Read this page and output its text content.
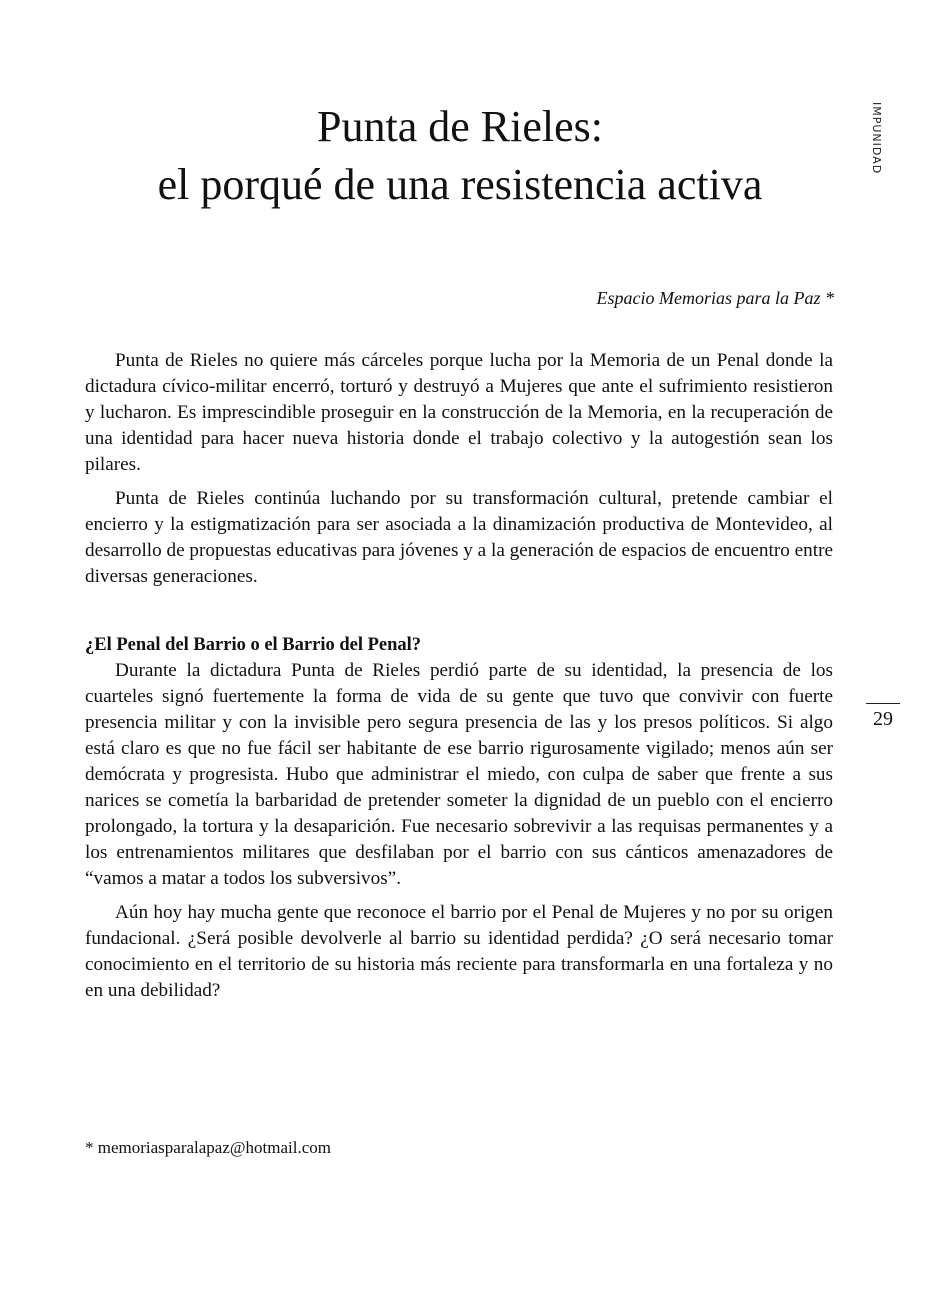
Punta de Rieles:
el porqué de una resistencia activa
IMPUNIDAD
29
Espacio Memorias para la Paz *

Punta de Rieles no quiere más cárceles porque lucha por la Memoria de un Penal donde la dictadura cívico-militar encerró, torturó y destruyó a Mujeres que ante el sufrimiento resistieron y lucharon. Es imprescindible proseguir en la construcción de la Memoria, en la recuperación de una identidad para hacer nueva historia donde el trabajo colectivo y la autogestión sean los pilares.

Punta de Rieles continúa luchando por su transformación cultural, pretende cambiar el encierro y la estigmatización para ser asociada a la dinamización productiva de Montevideo, al desarrollo de propuestas educativas para jóvenes y a la generación de espacios de encuentro entre diversas generaciones.

¿El Penal del Barrio o el Barrio del Penal?

Durante la dictadura Punta de Rieles perdió parte de su identidad, la presencia de los cuarteles signó fuertemente la forma de vida de su gente que tuvo que convivir con fuerte presencia militar y con la invisible pero segura presencia de las y los presos políticos. Si algo está claro es que no fue fácil ser habitante de ese barrio rigurosamente vigilado; menos aún ser demócrata y progresista. Hubo que administrar el miedo, con culpa de saber que frente a sus narices se cometía la barbaridad de pretender someter la dignidad de un pueblo con el encierro prolongado, la tortura y la desaparición. Fue necesario sobrevivir a las requisas permanentes y a los entrenamientos militares que desfilaban por el barrio con sus cánticos amenazadores de “vamos a matar a todos los subversivos”.

Aún hoy hay mucha gente que reconoce el barrio por el Penal de Mujeres y no por su origen fundacional. ¿Será posible devolverle al barrio su identidad perdida? ¿O será necesario tomar conocimiento en el territorio de su historia más reciente para transformarla en una fortaleza y no en una debilidad?

* memoriasparalapaz@hotmail.com
